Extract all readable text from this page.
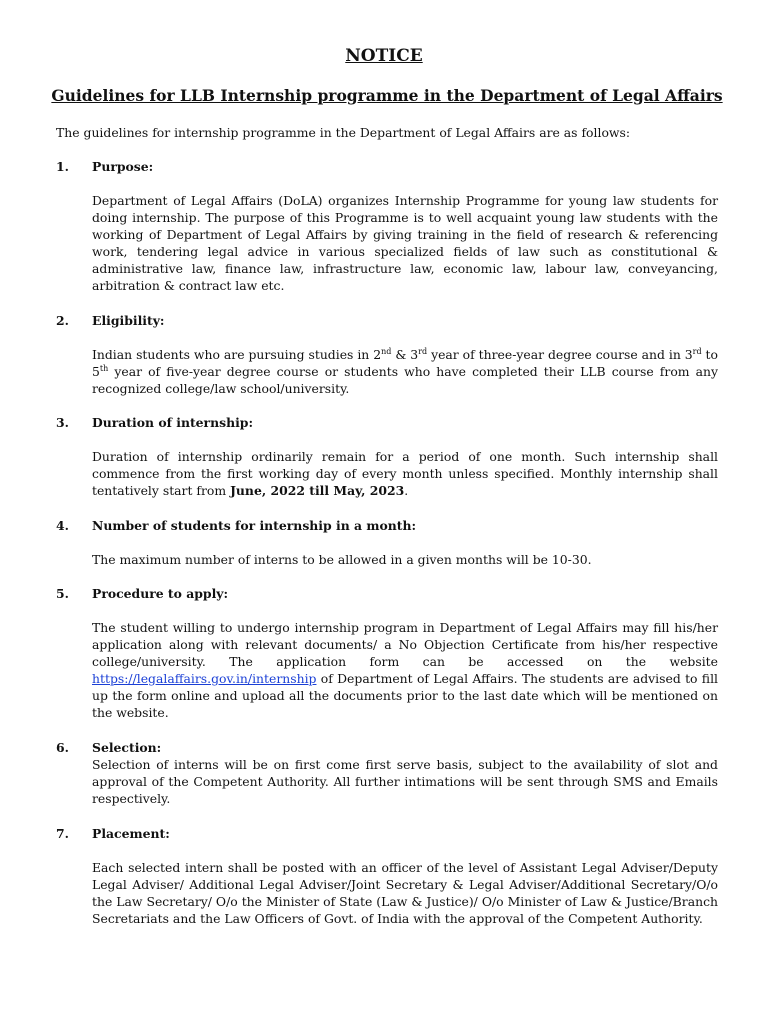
NOTICE
Guidelines for LLB Internship programme in the Department of Legal Affairs
The guidelines for internship programme in the Department of Legal Affairs are as follows:
1. Purpose:
Department of Legal Affairs (DoLA) organizes Internship Programme for young law students for doing internship. The purpose of this Programme is to well acquaint young law students with the working of Department of Legal Affairs by giving training in the field of research & referencing work, tendering legal advice in various specialized fields of law such as constitutional & administrative law, finance law, infrastructure law, economic law, labour law, conveyancing, arbitration & contract law etc.
2. Eligibility:
Indian students who are pursuing studies in 2nd & 3rd year of three-year degree course and in 3rd to 5th year of five-year degree course or students who have completed their LLB course from any recognized college/law school/university.
3. Duration of internship:
Duration of internship ordinarily remain for a period of one month. Such internship shall commence from the first working day of every month unless specified. Monthly internship shall tentatively start from June, 2022 till May, 2023.
4. Number of students for internship in a month:
The maximum number of interns to be allowed in a given months will be 10-30.
5. Procedure to apply:
The student willing to undergo internship program in Department of Legal Affairs may fill his/her application along with relevant documents/ a No Objection Certificate from his/her respective college/university. The application form can be accessed on the website https://legalaffairs.gov.in/internship of Department of Legal Affairs. The students are advised to fill up the form online and upload all the documents prior to the last date which will be mentioned on the website.
6. Selection:
Selection of interns will be on first come first serve basis, subject to the availability of slot and approval of the Competent Authority. All further intimations will be sent through SMS and Emails respectively.
7. Placement:
Each selected intern shall be posted with an officer of the level of Assistant Legal Adviser/Deputy Legal Adviser/ Additional Legal Adviser/Joint Secretary & Legal Adviser/Additional Secretary/O/o the Law Secretary/ O/o the Minister of State (Law & Justice)/ O/o Minister of Law & Justice/Branch Secretariats and the Law Officers of Govt. of India with the approval of the Competent Authority.
